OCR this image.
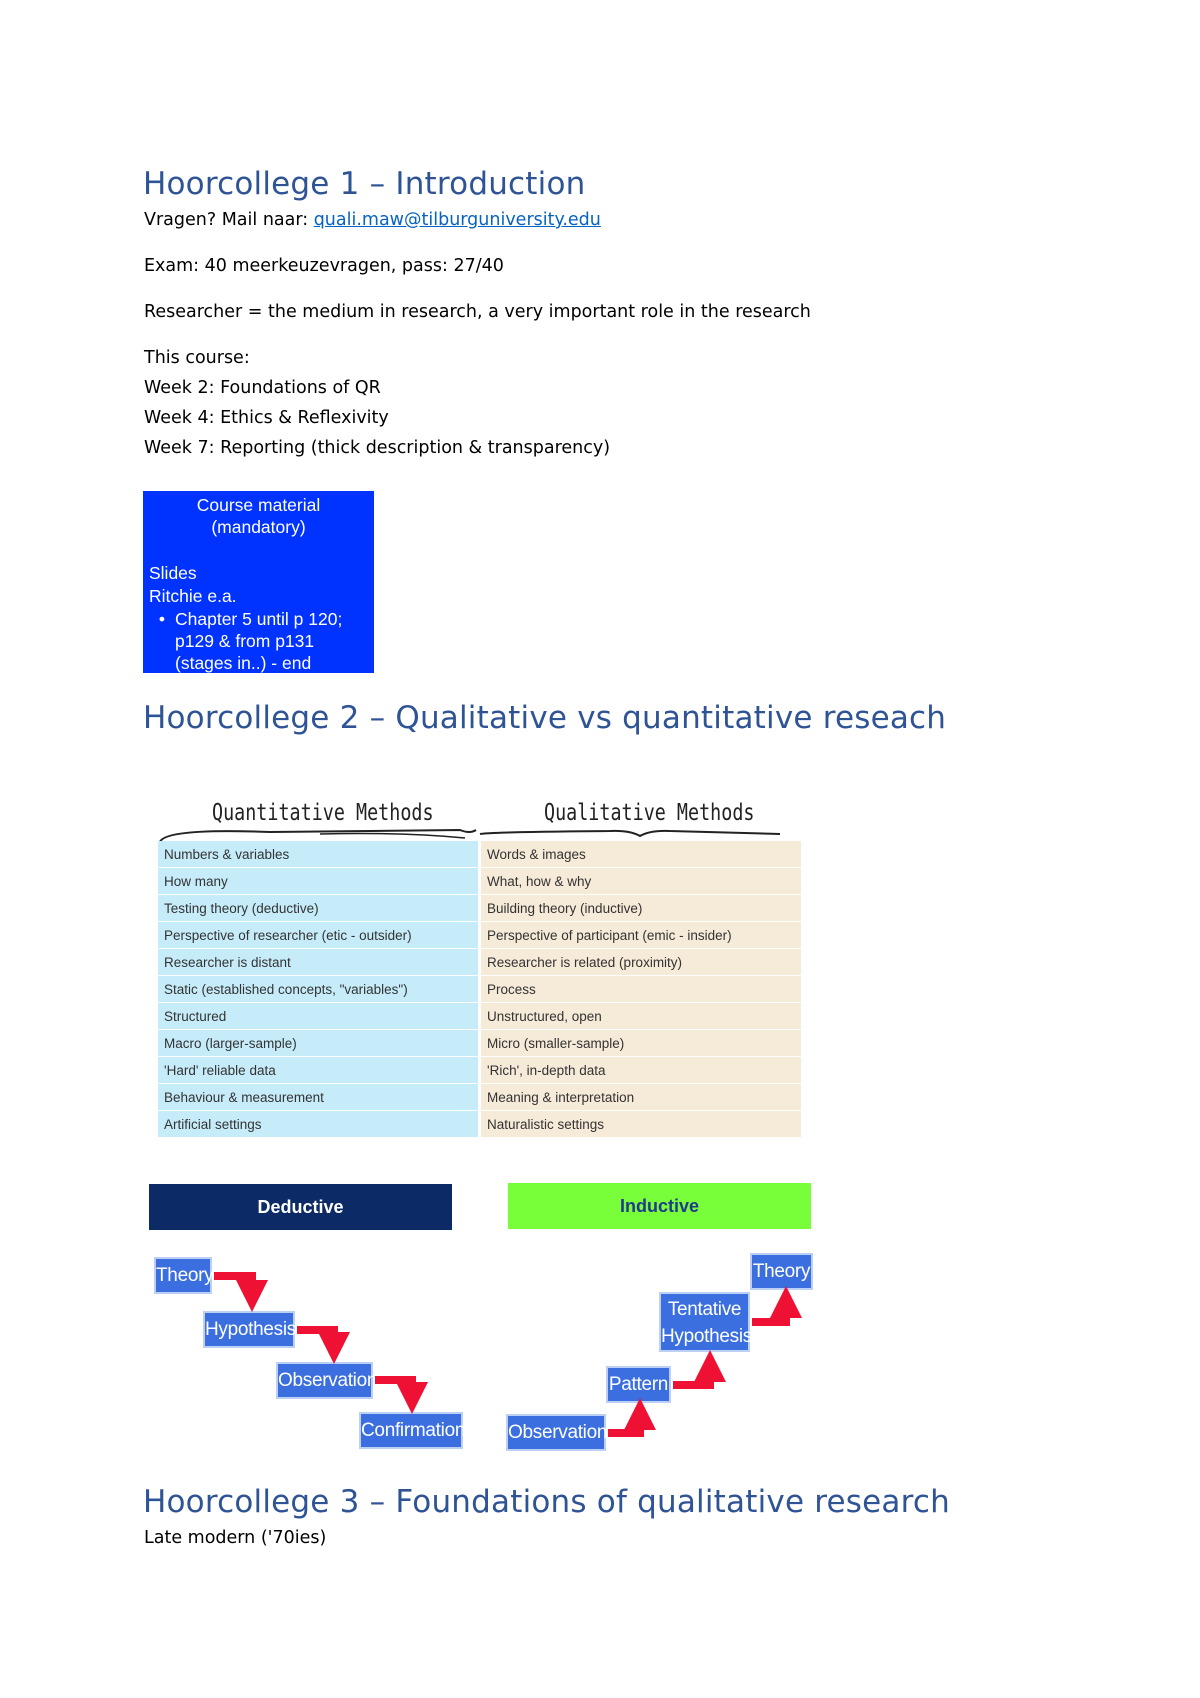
Hoorcollege 1 – Introduction

Vragen? Mail naar: quali.maw@tilburguniversity.edu

Exam: 40 meerkeuzevragen, pass: 27/40

Researcher = the medium in research, a very important role in the research

This course:

Week 2: Foundations of QR

Week 4: Ethics & Reflexivity

Week 7: Reporting (thick description & transparency)

Course material
(mandatory)
Slides
Ritchie e.a.
• Chapter 5 until p 120;
p129 & from p131
(stages in..) - end
Hoorcollege 2 – Qualitative vs quantitative reseach
Quantitative Methods	Qualitative Methods
Numbers & variables
How many
Testing theory (deductive)
Perspective of researcher (etic - outsider)
Researcher is distant
Static (established concepts, "variables")
Structured
Macro (larger-sample)
'Hard' reliable data
Behaviour & measurement
Artificial settings
Words & images
What, how & why
Building theory (inductive)
Perspective of participant (emic - insider)
Researcher is related (proximity)
Process
Unstructured, open
Micro (smaller-sample)
'Rich', in-depth data
Meaning & interpretation
Naturalistic settings
Deductive	Inductive
Theory
Hypothesis
Observation
Confirmation Observation
Pattern
Tentative Hypothesis
Theory
Hoorcollege 3 – Foundations of qualitative research

Late modern ('70ies)
